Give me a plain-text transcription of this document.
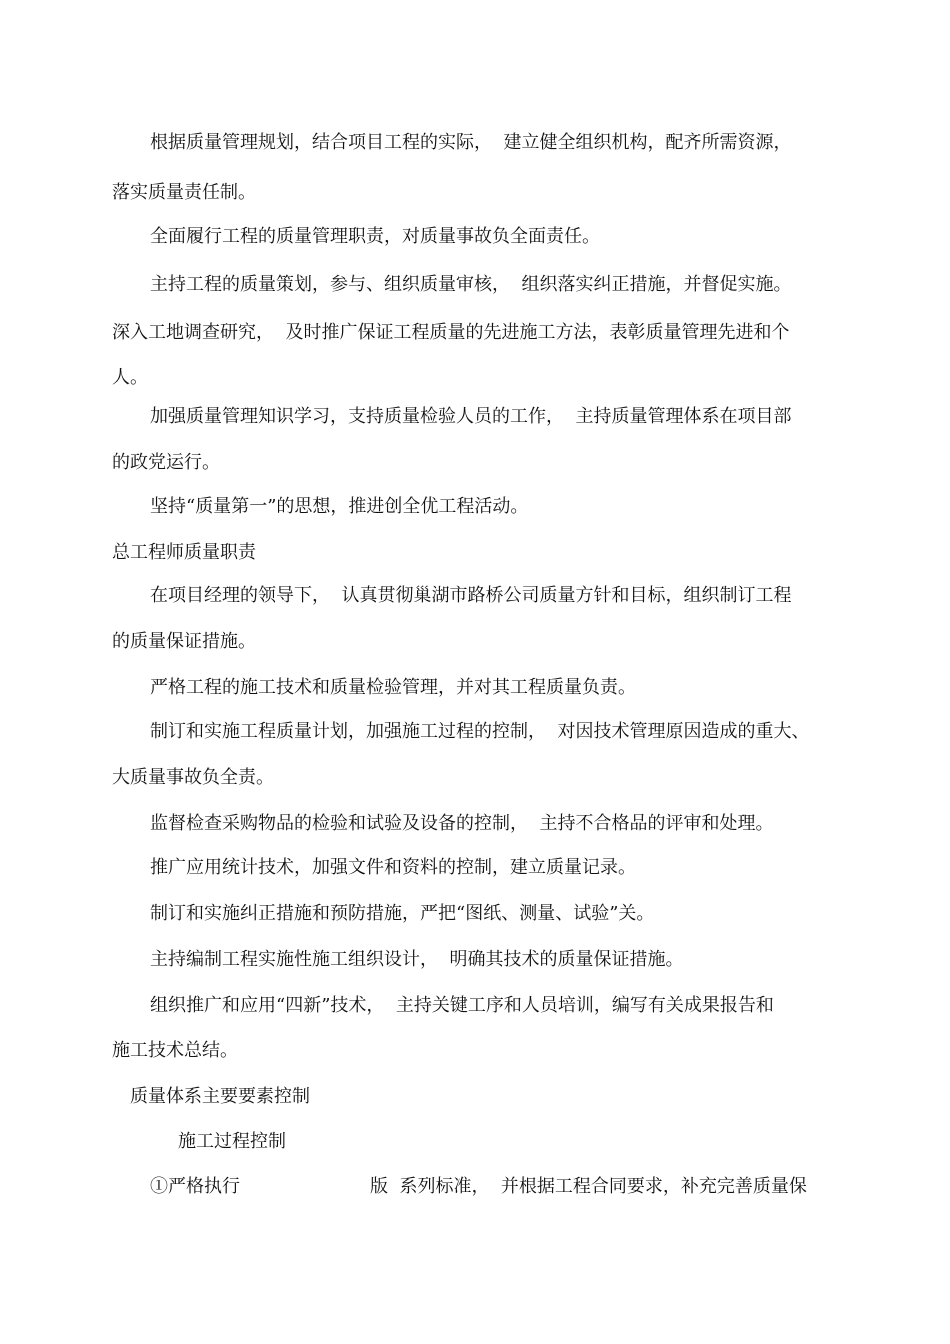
根据质量管理规划，结合项目工程的实际，  建立健全组织机构，配齐所需资源，
落实质量责任制。
全面履行工程的质量管理职责，对质量事故负全面责任。
主持工程的质量策划，参与、组织质量审核，  组织落实纠正措施，并督促实施。
深入工地调查研究，  及时推广保证工程质量的先进施工方法，表彰质量管理先进和个
人。
加强质量管理知识学习，支持质量检验人员的工作，  主持质量管理体系在项目部
的政党运行。
坚持“质量第一”的思想，推进创全优工程活动。
总工程师质量职责
在项目经理的领导下，  认真贯彻巢湖市路桥公司质量方针和目标，组织制订工程
的质量保证措施。
严格工程的施工技术和质量检验管理，并对其工程质量负责。
制订和实施工程质量计划，加强施工过程的控制，  对因技术管理原因造成的重大、
大质量事故负全责。
监督检查采购物品的检验和试验及设备的控制，  主持不合格品的评审和处理。
推广应用统计技术，加强文件和资料的控制，建立质量记录。
制订和实施纠正措施和预防措施，严把“图纸、测量、试验”关。
主持编制工程实施性施工组织设计，  明确其技术的质量保证措施。
组织推广和应用“四新”技术，  主持关键工序和人员培训，编写有关成果报告和
施工技术总结。
质量体系主要要素控制
施工过程控制
①严格执行	版  系列标准，  并根据工程合同要求，补充完善质量保
